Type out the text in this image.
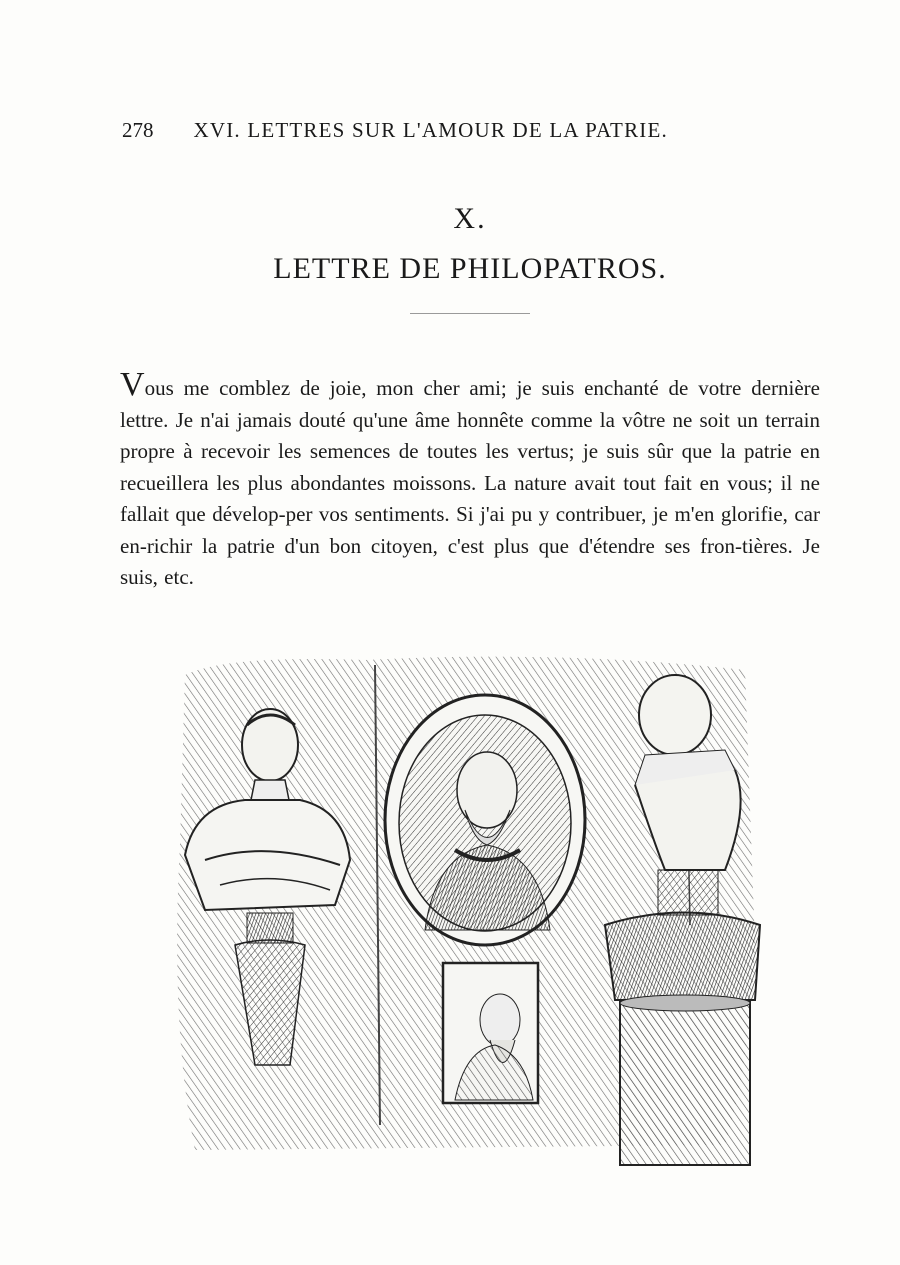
278 XVI. LETTRES SUR L'AMOUR DE LA PATRIE.
X.
LETTRE DE PHILOPATROS.

Vous me comblez de joie, mon cher ami; je suis enchanté de votre dernière lettre. Je n'ai jamais douté qu'une âme honnête comme la vôtre ne soit un terrain propre à recevoir les semences de toutes les vertus; je suis sûr que la patrie en recueillera les plus abondantes moissons. La nature avait tout fait en vous; il ne fallait que dévelop-per vos sentiments. Si j'ai pu y contribuer, je m'en glorifie, car en-richir la patrie d'un bon citoyen, c'est plus que d'étendre ses fron-tières. Je suis, etc.
